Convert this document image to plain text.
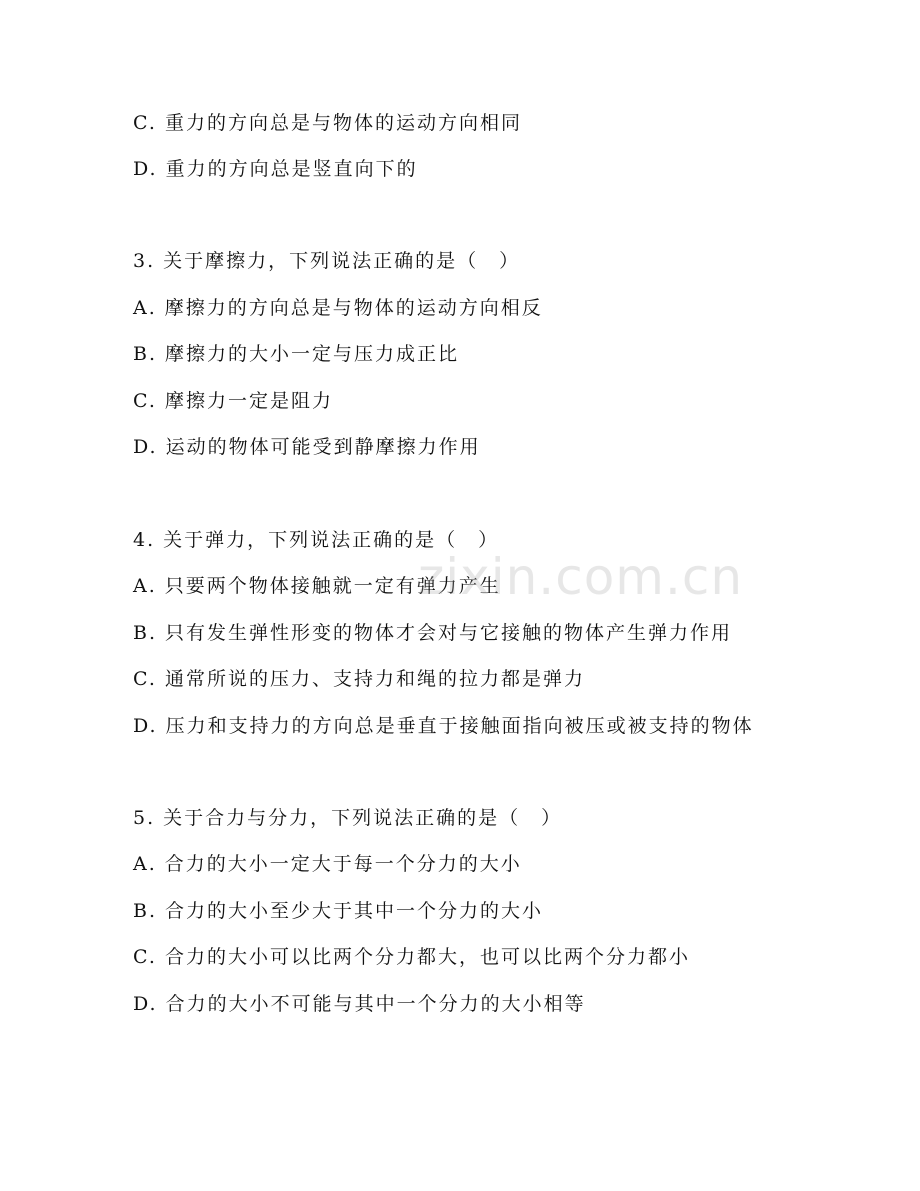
C. 重力的方向总是与物体的运动方向相同
D. 重力的方向总是竖直向下的
3. 关于摩擦力，下列说法正确的是（　）
A. 摩擦力的方向总是与物体的运动方向相反
B. 摩擦力的大小一定与压力成正比
C. 摩擦力一定是阻力
D. 运动的物体可能受到静摩擦力作用
4. 关于弹力，下列说法正确的是（　）
A. 只要两个物体接触就一定有弹力产生
B. 只有发生弹性形变的物体才会对与它接触的物体产生弹力作用
C. 通常所说的压力、支持力和绳的拉力都是弹力
D. 压力和支持力的方向总是垂直于接触面指向被压或被支持的物体
5. 关于合力与分力，下列说法正确的是（　）
A. 合力的大小一定大于每一个分力的大小
B. 合力的大小至少大于其中一个分力的大小
C. 合力的大小可以比两个分力都大，也可以比两个分力都小
D. 合力的大小不可能与其中一个分力的大小相等
zixin.com.cn
